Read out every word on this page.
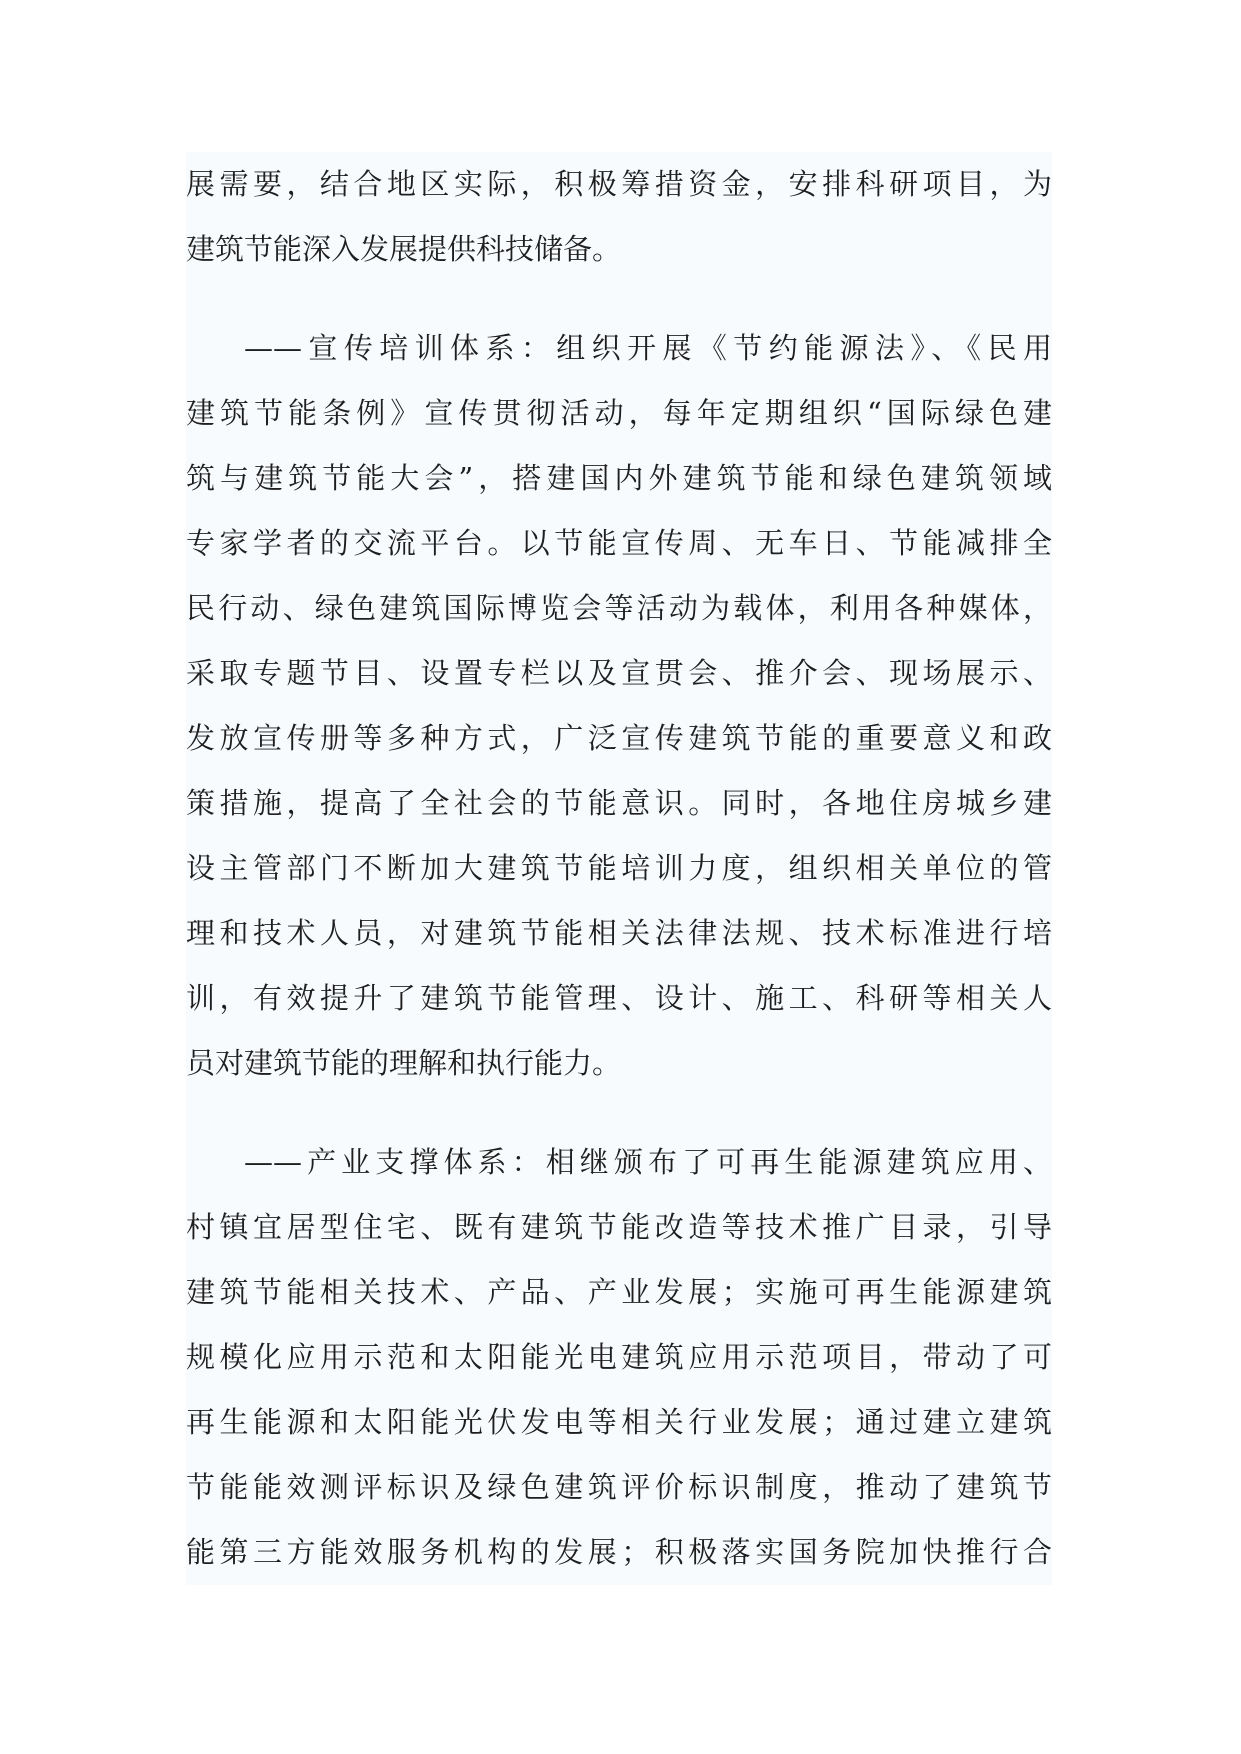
展需要，结合地区实际，积极筹措资金，安排科研项目，为
建筑节能深入发展提供科技储备。
——宣传培训体系：组织开展《节约能源法》、《民用
建筑节能条例》宣传贯彻活动，每年定期组织“国际绿色建
筑与建筑节能大会”，搭建国内外建筑节能和绿色建筑领域
专家学者的交流平台。以节能宣传周、无车日、节能减排全
民行动、绿色建筑国际博览会等活动为载体，利用各种媒体，
采取专题节目、设置专栏以及宣贯会、推介会、现场展示、
发放宣传册等多种方式，广泛宣传建筑节能的重要意义和政
策措施，提高了全社会的节能意识。同时，各地住房城乡建
设主管部门不断加大建筑节能培训力度，组织相关单位的管
理和技术人员，对建筑节能相关法律法规、技术标准进行培
训，有效提升了建筑节能管理、设计、施工、科研等相关人
员对建筑节能的理解和执行能力。
——产业支撑体系：相继颁布了可再生能源建筑应用、
村镇宜居型住宅、既有建筑节能改造等技术推广目录，引导
建筑节能相关技术、产品、产业发展；实施可再生能源建筑
规模化应用示范和太阳能光电建筑应用示范项目，带动了可
再生能源和太阳能光伏发电等相关行业发展；通过建立建筑
节能能效测评标识及绿色建筑评价标识制度，推动了建筑节
能第三方能效服务机构的发展；积极落实国务院加快推行合
